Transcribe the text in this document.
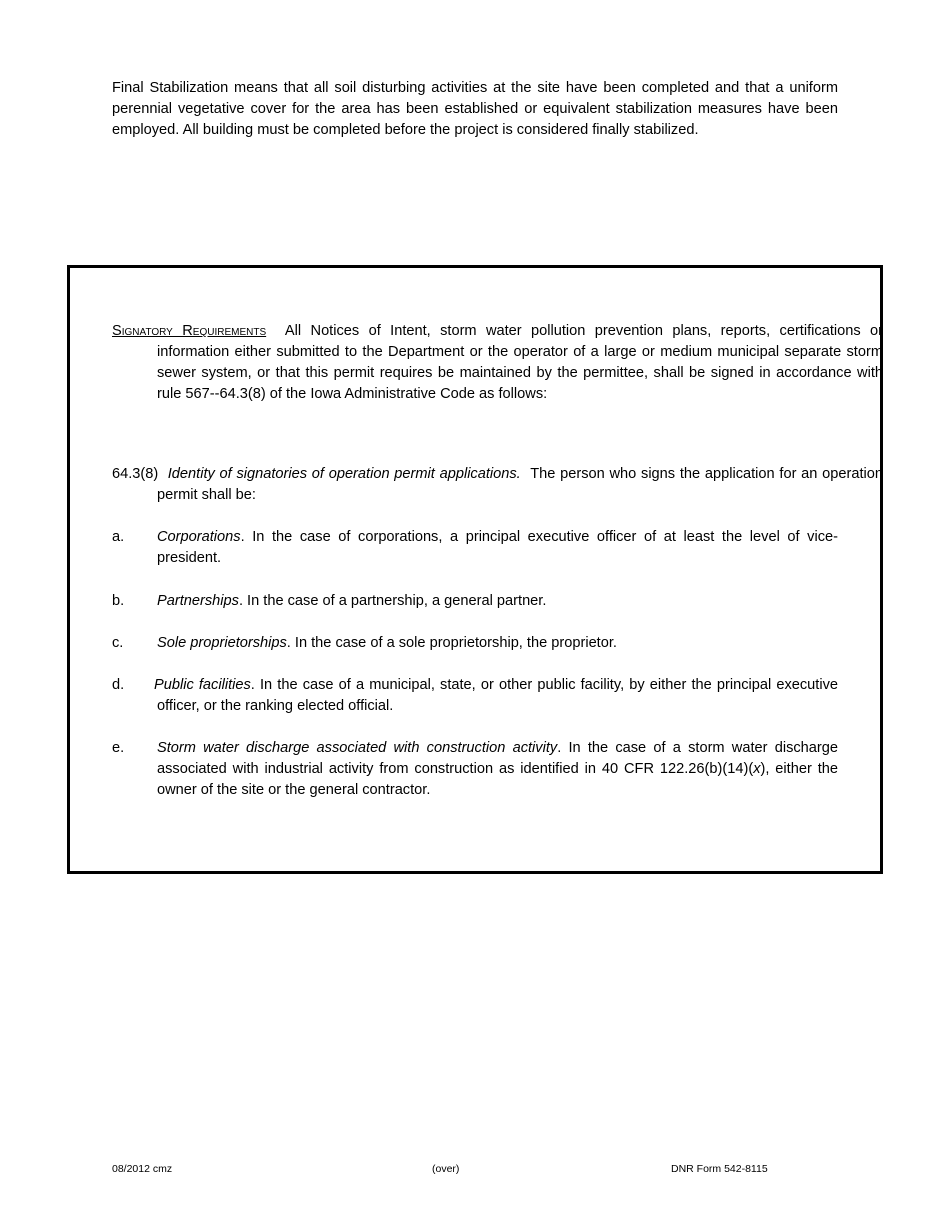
Final Stabilization means that all soil disturbing activities at the site have been completed and that a uniform perennial vegetative cover for the area has been established or equivalent stabilization measures have been employed. All building must be completed before the project is considered finally stabilized.
Signatory Requirements All Notices of Intent, storm water pollution prevention plans, reports, certifications or information either submitted to the Department or the operator of a large or medium municipal separate storm sewer system, or that this permit requires be maintained by the permittee, shall be signed in accordance with rule 567--64.3(8) of the Iowa Administrative Code as follows:
64.3(8) Identity of signatories of operation permit applications. The person who signs the application for an operation permit shall be:
a. Corporations. In the case of corporations, a principal executive officer of at least the level of vice-president.
b. Partnerships. In the case of a partnership, a general partner.
c. Sole proprietorships. In the case of a sole proprietorship, the proprietor.
d. Public facilities. In the case of a municipal, state, or other public facility, by either the principal executive officer, or the ranking elected official.
e. Storm water discharge associated with construction activity. In the case of a storm water discharge associated with industrial activity from construction as identified in 40 CFR 122.26(b)(14)(x), either the owner of the site or the general contractor.
08/2012 cmz	(over)	DNR Form 542-8115
